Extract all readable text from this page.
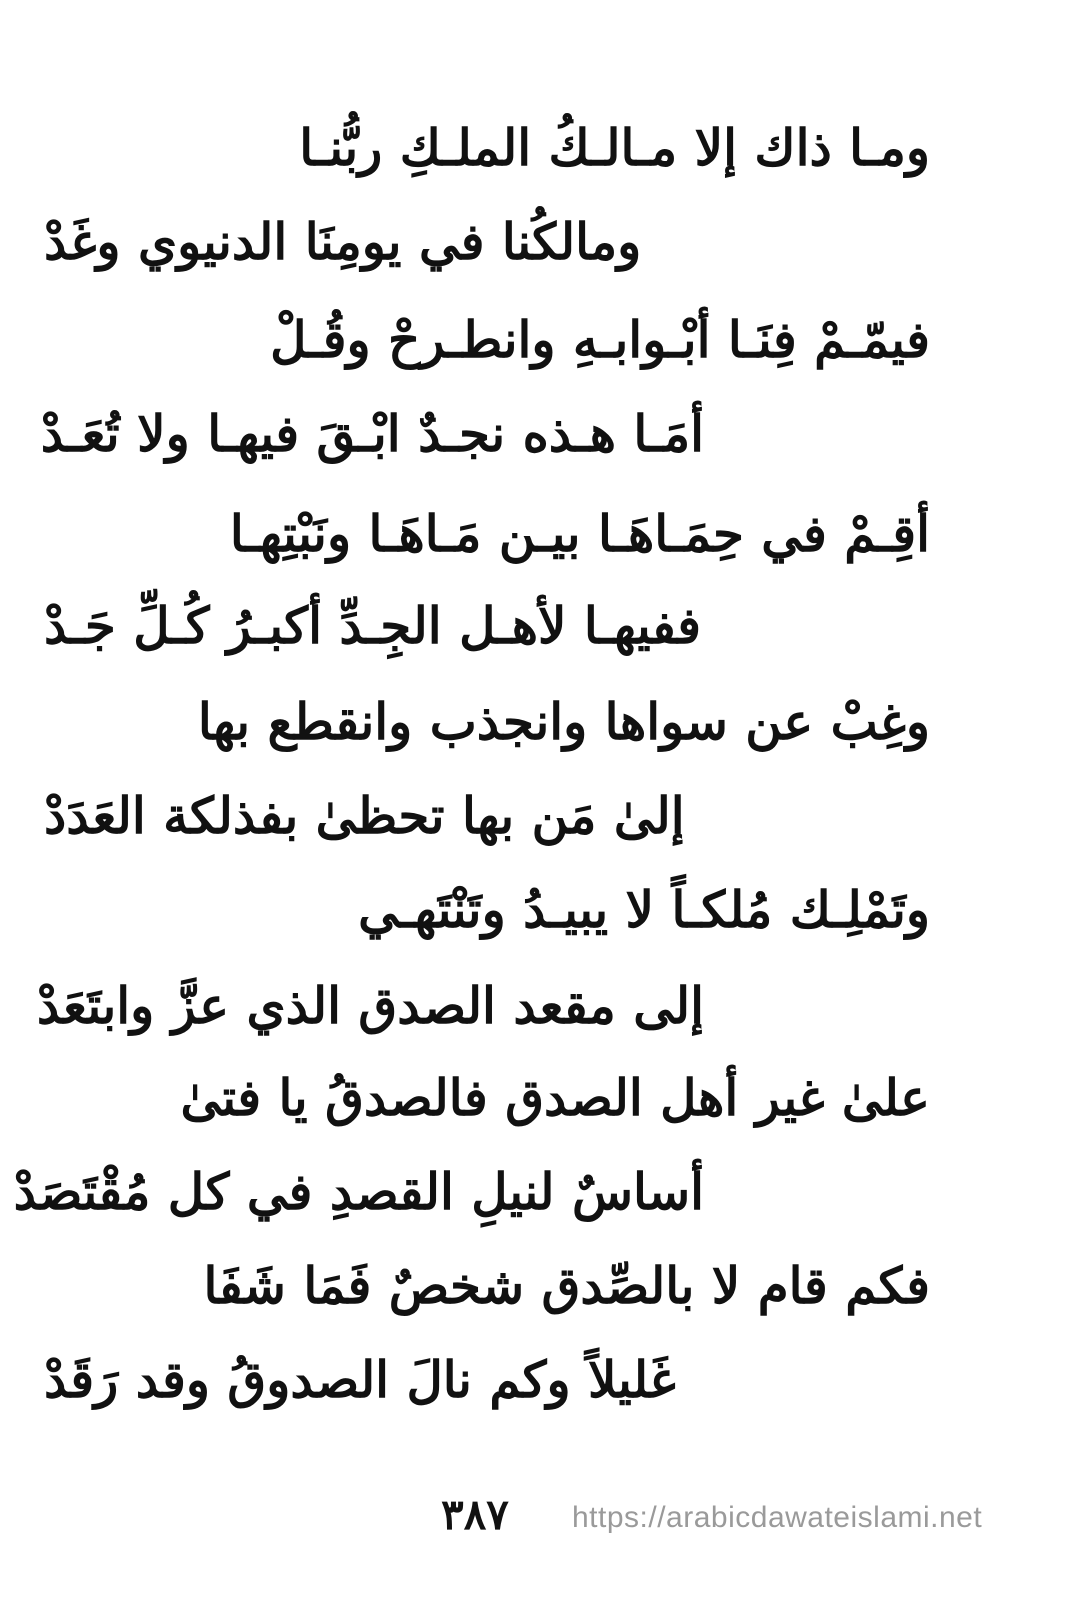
ومـا ذاك إلا مـالـكُ الملـكِ ربُّنـا
ومالكُنا في يومِنَا الدنيوي وغَدْ
فيمّـمْ فِنَـا أبْـوابـهِ وانطـرحْ وقُـلْ
أمَـا هـذه نجـدٌ ابْـقَ فيهـا ولا تُعَـدْ
أقِـمْ في حِمَـاهَـا بيـن مَـاهَـا ونَبْتِهـا
ففيهـا لأهـل الجِـدِّ أكبـرُ كُـلِّ جَـدْ
وغِبْ عن سواها وانجذب وانقطع بها
إلىٰ مَن بها تحظىٰ بفذلكة العَدَدْ
وتَمْلِـك مُلكـاً لا يبيـدُ وتَنْتَهـي
إلى مقعد الصدق الذي عزَّ وابتَعَدْ
علىٰ غير أهل الصدق فالصدقُ يا فتىٰ
أساسٌ لنيلِ القصدِ في كل مُقْتَصَدْ
فكم قام لا بالصِّدق شخصٌ فَمَا شَفَا
غَليلاً وكم نالَ الصدوقُ وقد رَقَدْ
٣٨٧	https://arabicdawateislami.net
